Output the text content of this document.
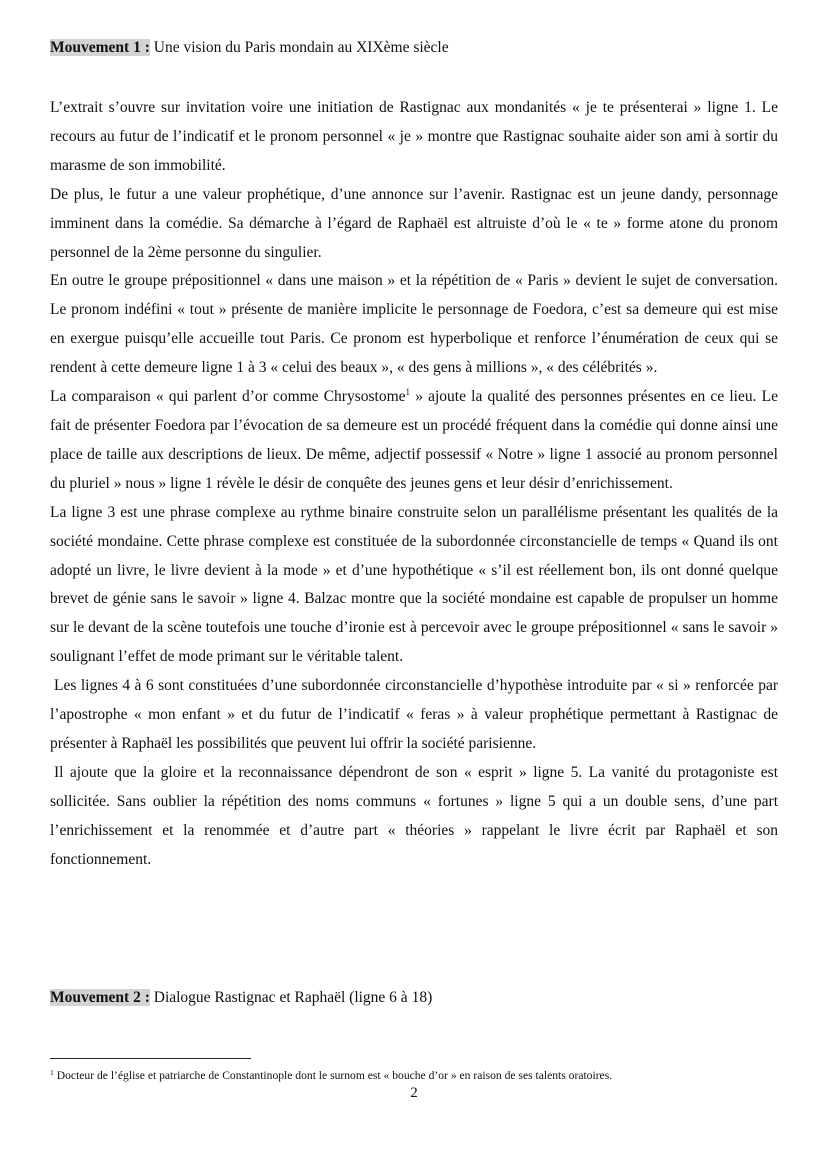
Mouvement 1 : Une vision du Paris mondain au XIXème siècle

L’extrait s’ouvre sur invitation voire une initiation de Rastignac aux mondanités « je te présenterai » ligne 1. Le recours au futur de l’indicatif et le pronom personnel « je » montre que Rastignac souhaite aider son ami à sortir du marasme de son immobilité.

De plus, le futur a une valeur prophétique, d’une annonce sur l’avenir. Rastignac est un jeune dandy, personnage imminent dans la comédie. Sa démarche à l’égard de Raphaël est altruiste d’où le « te » forme atone du pronom personnel de la 2ème personne du singulier.

En outre le groupe prépositionnel « dans une maison » et la répétition de « Paris » devient le sujet de conversation. Le pronom indéfini « tout » présente de manière implicite le personnage de Foedora, c’est sa demeure qui est mise en exergue puisqu’elle accueille tout Paris. Ce pronom est hyperbolique et renforce l’énumération de ceux qui se rendent à cette demeure ligne 1 à 3 « celui des beaux », « des gens à millions », « des célébrités ».

La comparaison « qui parlent d’or comme Chrysostome$^1$ » ajoute la qualité des personnes présentes en ce lieu. Le fait de présenter Foedora par l’évocation de sa demeure est un procédé fréquent dans la comédie qui donne ainsi une place de taille aux descriptions de lieux. De même, adjectif possessif « Notre » ligne 1 associé au pronom personnel du pluriel » nous » ligne 1 révèle le désir de conquête des jeunes gens et leur désir d’enrichissement.

La ligne 3 est une phrase complexe au rythme binaire construite selon un parallélisme présentant les qualités de la société mondaine. Cette phrase complexe est constituée de la subordonnée circonstancielle de temps « Quand ils ont adopté un livre, le livre devient à la mode » et d’une hypothétique « s’il est réellement bon, ils ont donné quelque brevet de génie sans le savoir » ligne 4. Balzac montre que la société mondaine est capable de propulser un homme sur le devant de la scène toutefois une touche d’ironie est à percevoir avec le groupe prépositionnel « sans le savoir » soulignant l’effet de mode primant sur le véritable talent.

Les lignes 4 à 6 sont constituées d’une subordonnée circonstancielle d’hypothèse introduite par « si » renforcée par l’apostrophe « mon enfant » et du futur de l’indicatif « feras » à valeur prophétique permettant à Rastignac de présenter à Raphaël les possibilités que peuvent lui offrir la société parisienne.

Il ajoute que la gloire et la reconnaissance dépendront de son « esprit » ligne 5. La vanité du protagoniste est sollicitée. Sans oublier la répétition des noms communs « fortunes » ligne 5 qui a un double sens, d’une part l’enrichissement et la renommée et d’autre part « théories » rappelant le livre écrit par Raphaël et son fonctionnement.

Mouvement 2 : Dialogue Rastignac et Raphaël (ligne 6 à 18)
$^1$ Docteur de l’église et patriarche de Constantinople dont le surnom est « bouche d’or » en raison de ses talents oratoires.
2
